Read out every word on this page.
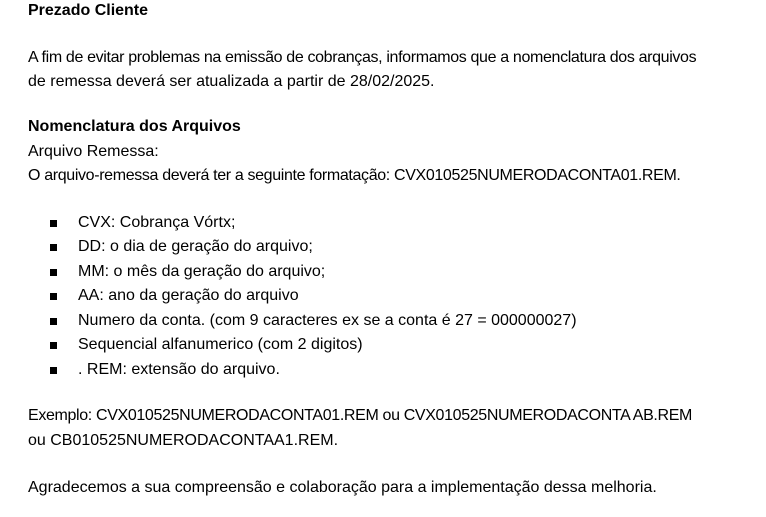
Prezado Cliente
A fim de evitar problemas na emissão de cobranças, informamos que a nomenclatura dos arquivos
de remessa deverá ser atualizada a partir de 28/02/2025.
Nomenclatura dos Arquivos
Arquivo Remessa:
O arquivo-remessa deverá ter a seguinte formatação: CVX010525NUMERODACONTA01.REM.
CVX: Cobrança Vórtx;
DD: o dia de geração do arquivo;
MM: o mês da geração do arquivo;
AA: ano da geração do arquivo
Numero da conta. (com 9 caracteres ex se a conta é 27 = 000000027)
Sequencial alfanumerico (com 2 digitos)
. REM: extensão do arquivo.
Exemplo: CVX010525NUMERODACONTA01.REM ou CVX010525NUMERODACONTA AB.REM
ou CB010525NUMERODACONTAA1.REM.
Agradecemos a sua compreensão e colaboração para a implementação dessa melhoria.
